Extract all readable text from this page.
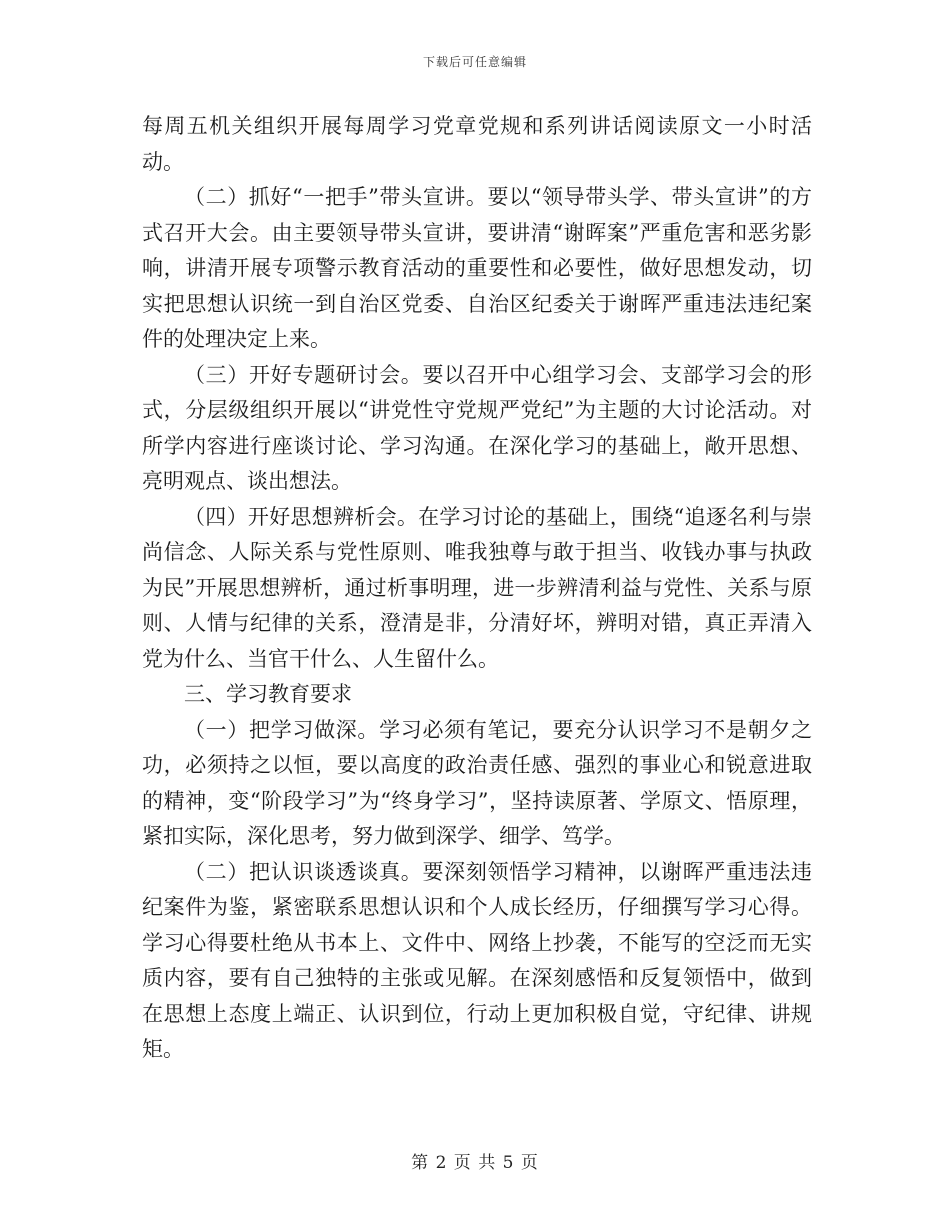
下载后可任意编辑

每周五机关组织开展每周学习党章党规和系列讲话阅读原文一小时活动。

（二）抓好“一把手”带头宣讲。要以“领导带头学、带头宣讲”的方式召开大会。由主要领导带头宣讲，要讲清“谢晖案”严重危害和恶劣影响，讲清开展专项警示教育活动的重要性和必要性，做好思想发动，切实把思想认识统一到自治区党委、自治区纪委关于谢晖严重违法违纪案件的处理决定上来。

（三）开好专题研讨会。要以召开中心组学习会、支部学习会的形式，分层级组织开展以“讲党性守党规严党纪”为主题的大讨论活动。对所学内容进行座谈讨论、学习沟通。在深化学习的基础上，敞开思想、亮明观点、谈出想法。

（四）开好思想辨析会。在学习讨论的基础上，围绕“追逐名利与崇尚信念、人际关系与党性原则、唯我独尊与敢于担当、收钱办事与执政为民”开展思想辨析，通过析事明理，进一步辨清利益与党性、关系与原则、人情与纪律的关系，澄清是非，分清好坏，辨明对错，真正弄清入党为什么、当官干什么、人生留什么。

三、学习教育要求

（一）把学习做深。学习必须有笔记，要充分认识学习不是朝夕之功，必须持之以恒，要以高度的政治责任感、强烈的事业心和锐意进取的精神，变“阶段学习”为“终身学习”，坚持读原著、学原文、悟原理，紧扣实际，深化思考，努力做到深学、细学、笃学。

（二）把认识谈透谈真。要深刻领悟学习精神，以谢晖严重违法违纪案件为鉴，紧密联系思想认识和个人成长经历，仔细撰写学习心得。学习心得要杜绝从书本上、文件中、网络上抄袭，不能写的空泛而无实质内容，要有自己独特的主张或见解。在深刻感悟和反复领悟中，做到在思想上态度上端正、认识到位，行动上更加积极自觉，守纪律、讲规矩。

第 2 页 共 5 页
